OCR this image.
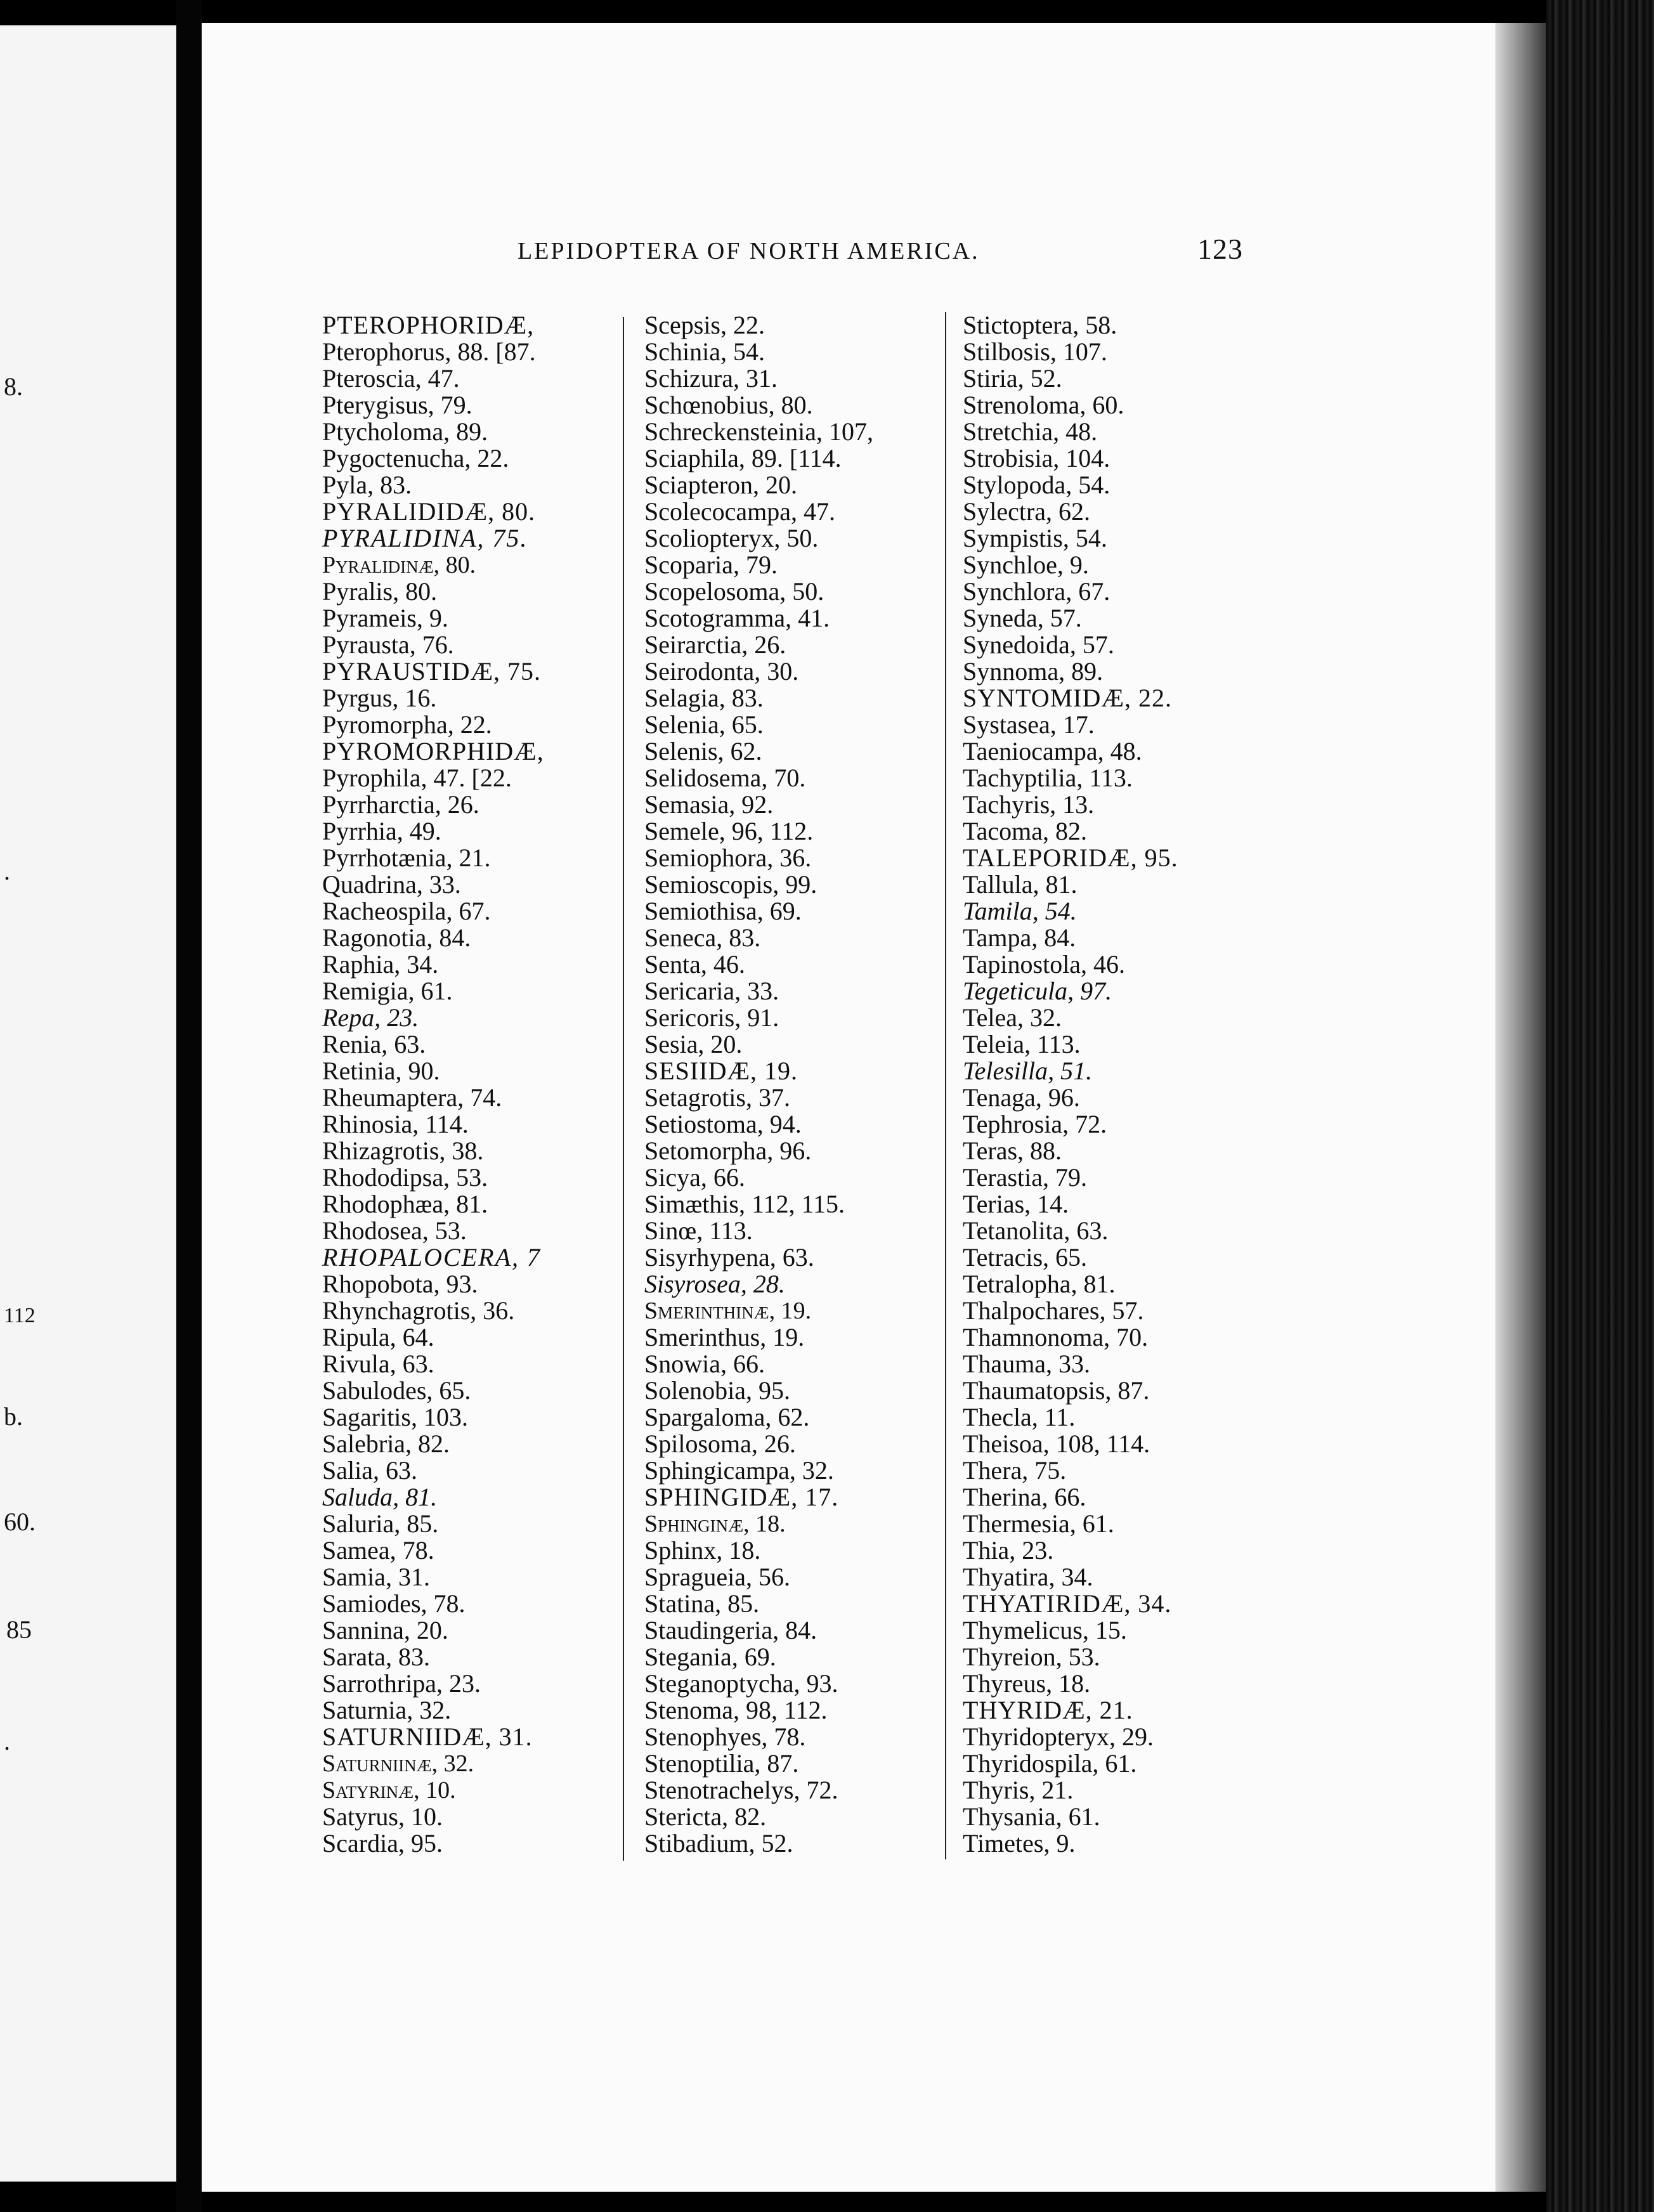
8.
.
112
b.
60.
85
.
LEPIDOPTERA OF NORTH AMERICA.	123
PTEROPHORIDÆ,
Pterophorus, 88. [87.
Pteroscia, 47.
Pterygisus, 79.
Ptycholoma, 89.
Pygoctenucha, 22.
Pyla, 83.
PYRALIDIDÆ, 80.
PYRALIDINA, 75.
Pyralidinæ, 80.
Pyralis, 80.
Pyrameis, 9.
Pyrausta, 76.
PYRAUSTIDÆ, 75.
Pyrgus, 16.
Pyromorpha, 22.
PYROMORPHIDÆ,
Pyrophila, 47. [22.
Pyrrharctia, 26.
Pyrrhia, 49.
Pyrrhotænia, 21.
Quadrina, 33.
Racheospila, 67.
Ragonotia, 84.
Raphia, 34.
Remigia, 61.
Repa, 23.
Renia, 63.
Retinia, 90.
Rheumaptera, 74.
Rhinosia, 114.
Rhizagrotis, 38.
Rhododipsa, 53.
Rhodophæa, 81.
Rhodosea, 53.
RHOPALOCERA, 7
Rhopobota, 93.
Rhynchagrotis, 36.
Ripula, 64.
Rivula, 63.
Sabulodes, 65.
Sagaritis, 103.
Salebria, 82.
Salia, 63.
Saluda, 81.
Saluria, 85.
Samea, 78.
Samia, 31.
Samiodes, 78.
Sannina, 20.
Sarata, 83.
Sarrothripa, 23.
Saturnia, 32.
SATURNIIDÆ, 31.
Saturniinæ, 32.
Satyrinæ, 10.
Satyrus, 10.
Scardia, 95.
Scepsis, 22.
Schinia, 54.
Schizura, 31.
Schœnobius, 80.
Schreckensteinia, 107,
Sciaphila, 89. [114.
Sciapteron, 20.
Scolecocampa, 47.
Scoliopteryx, 50.
Scoparia, 79.
Scopelosoma, 50.
Scotogramma, 41.
Seirarctia, 26.
Seirodonta, 30.
Selagia, 83.
Selenia, 65.
Selenis, 62.
Selidosema, 70.
Semasia, 92.
Semele, 96, 112.
Semiophora, 36.
Semioscopis, 99.
Semiothisa, 69.
Seneca, 83.
Senta, 46.
Sericaria, 33.
Sericoris, 91.
Sesia, 20.
SESIIDÆ, 19.
Setagrotis, 37.
Setiostoma, 94.
Setomorpha, 96.
Sicya, 66.
Simæthis, 112, 115.
Sinœ, 113.
Sisyrhypena, 63.
Sisyrosea, 28.
Smerinthinæ, 19.
Smerinthus, 19.
Snowia, 66.
Solenobia, 95.
Spargaloma, 62.
Spilosoma, 26.
Sphingicampa, 32.
SPHINGIDÆ, 17.
Sphinginæ, 18.
Sphinx, 18.
Spragueia, 56.
Statina, 85.
Staudingeria, 84.
Stegania, 69.
Steganoptycha, 93.
Stenoma, 98, 112.
Stenophyes, 78.
Stenoptilia, 87.
Stenotrachelys, 72.
Stericta, 82.
Stibadium, 52.
Stictoptera, 58.
Stilbosis, 107.
Stiria, 52.
Strenoloma, 60.
Stretchia, 48.
Strobisia, 104.
Stylopoda, 54.
Sylectra, 62.
Sympistis, 54.
Synchloe, 9.
Synchlora, 67.
Syneda, 57.
Synedoida, 57.
Synnoma, 89.
SYNTOMIDÆ, 22.
Systasea, 17.
Taeniocampa, 48.
Tachyptilia, 113.
Tachyris, 13.
Tacoma, 82.
TALEPORIDÆ, 95.
Tallula, 81.
Tamila, 54.
Tampa, 84.
Tapinostola, 46.
Tegeticula, 97.
Telea, 32.
Teleia, 113.
Telesilla, 51.
Tenaga, 96.
Tephrosia, 72.
Teras, 88.
Terastia, 79.
Terias, 14.
Tetanolita, 63.
Tetracis, 65.
Tetralopha, 81.
Thalpochares, 57.
Thamnonoma, 70.
Thauma, 33.
Thaumatopsis, 87.
Thecla, 11.
Theisoa, 108, 114.
Thera, 75.
Therina, 66.
Thermesia, 61.
Thia, 23.
Thyatira, 34.
THYATIRIDÆ, 34.
Thymelicus, 15.
Thyreion, 53.
Thyreus, 18.
THYRIDÆ, 21.
Thyridopteryx, 29.
Thyridospila, 61.
Thyris, 21.
Thysania, 61.
Timetes, 9.
